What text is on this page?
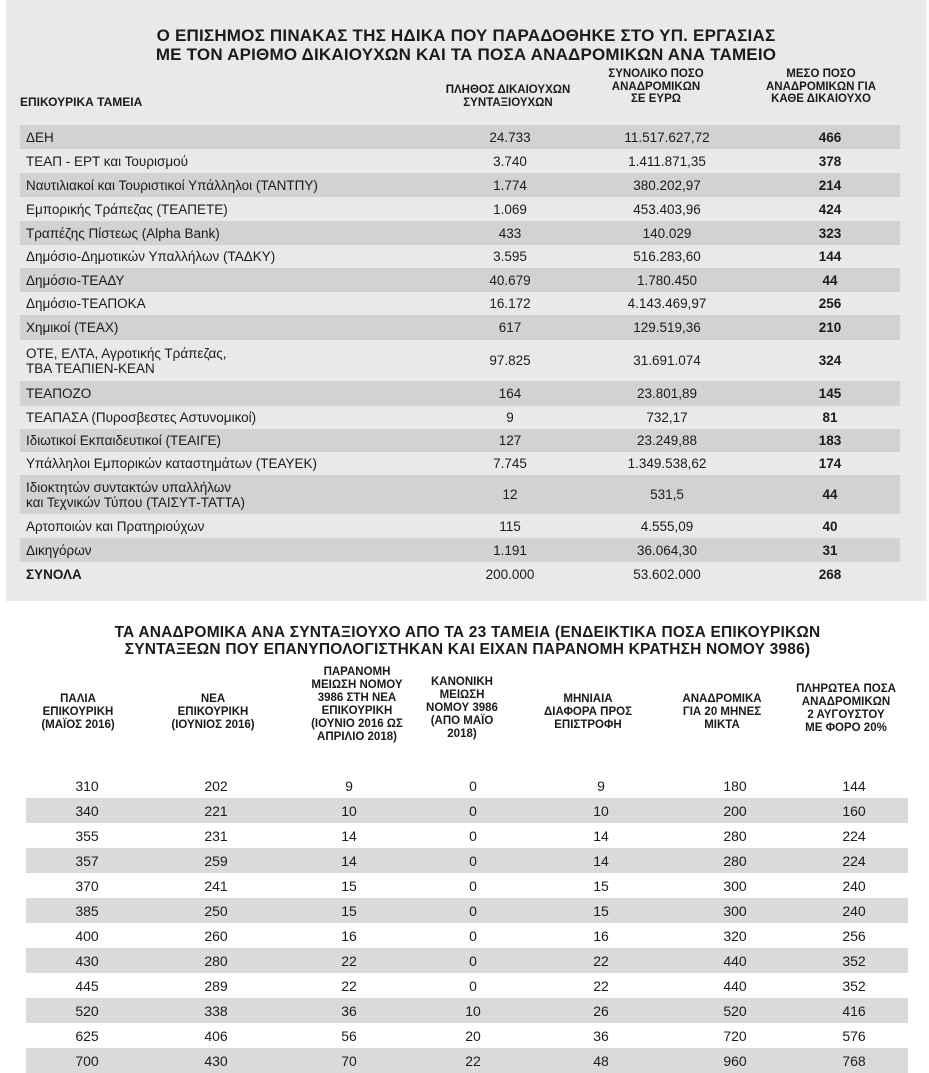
Ο ΕΠΙΣΗΜΟΣ ΠΙΝΑΚΑΣ ΤΗΣ ΗΔΙΚΑ ΠΟΥ ΠΑΡΑΔΟΘΗΚΕ ΣΤΟ ΥΠ. ΕΡΓΑΣΙΑΣ
ΜΕ ΤΟΝ ΑΡΙΘΜΟ ΔΙΚΑΙΟΥΧΩΝ ΚΑΙ ΤΑ ΠΟΣΑ ΑΝΑΔΡΟΜΙΚΩΝ ΑΝΑ ΤΑΜΕΙΟ
ΕΠΙΚΟΥΡΙΚΑ ΤΑΜΕΙΑ
ΠΛΗΘΟΣ ΔΙΚΑΙΟΥΧΩΝ
ΣΥΝΤΑΞΙΟΥΧΩΝ
ΣΥΝΟΛΙΚΟ ΠΟΣΟ
ΑΝΑΔΡΟΜΙΚΩΝ
ΣΕ ΕΥΡΩ
ΜΕΣΟ ΠΟΣΟ
ΑΝΑΔΡΟΜΙΚΩΝ ΓΙΑ
ΚΑΘΕ ΔΙΚΑΙΟΥΧΟ
ΔΕΗ	24.733	11.517.627,72	466
ΤΕΑΠ - ΕΡΤ και Τουρισμού	3.740	1.411.871,35	378
Ναυτιλιακοί και Τουριστικοί Υπάλληλοι (ΤΑΝΤΠΥ)	1.774	380.202,97	214
Εμπορικής Τράπεζας (ΤΕΑΠΕΤΕ)	1.069	453.403,96	424
Τραπέζης Πίστεως (Alpha Bank)	433	140.029	323
Δημόσιο-Δημοτικών Υπαλλήλων (ΤΑΔΚΥ)	3.595	516.283,60	144
Δημόσιο-ΤΕΑΔΥ	40.679	1.780.450	44
Δημόσιο-ΤΕΑΠΟΚΑ	16.172	4.143.469,97	256
Χημικοί (ΤΕΑΧ)	617	129.519,36	210
ΟΤΕ, ΕΛΤΑ, Αγροτικής Τράπεζας,
ΤΒΑ ΤΕΑΠΙΕΝ-ΚΕΑΝ	97.825	31.691.074	324
ΤΕΑΠΟΖΟ	164	23.801,89	145
ΤΕΑΠΑΣΑ (Πυροσβεστες Αστυνομικοί)	9	732,17	81
Ιδιωτικοί Εκπαιδευτικοί (ΤΕΑΙΓΕ)	127	23.249,88	183
Υπάλληλοι Εμπορικών καταστημάτων (ΤΕΑΥΕΚ)	7.745	1.349.538,62	174
Ιδιοκτητών συντακτών υπαλλήλων
και Τεχνικών Τύπου (ΤΑΙΣΥΤ-ΤΑΤΤΑ)	12	531,5	44
Αρτοποιών και Πρατηριούχων	115	4.555,09	40
Δικηγόρων	1.191	36.064,30	31
ΣΥΝΟΛΑ	200.000	53.602.000	268
ΤΑ ΑΝΑΔΡΟΜΙΚΑ ΑΝΑ ΣΥΝΤΑΞΙΟΥΧΟ ΑΠΟ ΤΑ 23 ΤΑΜΕΙΑ (ΕΝΔΕΙΚΤΙΚΑ ΠΟΣΑ ΕΠΙΚΟΥΡΙΚΩΝ
ΣΥΝΤΑΞΕΩΝ ΠΟΥ ΕΠΑΝΥΠΟΛΟΓΙΣΤΗΚΑΝ ΚΑΙ ΕΙΧΑΝ ΠΑΡΑΝΟΜΗ ΚΡΑΤΗΣΗ ΝΟΜΟΥ 3986)
ΠΑΛΙΑ
ΕΠΙΚΟΥΡΙΚΗ
(ΜΑΪΟΣ 2016)
ΝΕΑ
ΕΠΙΚΟΥΡΙΚΗ
(ΙΟΥΝΙΟΣ 2016)
ΠΑΡΑΝΟΜΗ
ΜΕΙΩΣΗ ΝΟΜΟΥ
3986 ΣΤΗ ΝΕΑ
ΕΠΙΚΟΥΡΙΚΗ
(ΙΟΥΝΙΟ 2016 ΩΣ
ΑΠΡΙΛΙΟ 2018)
ΚΑΝΟΝΙΚΗ
ΜΕΙΩΣΗ
ΝΟΜΟΥ 3986
(ΑΠΟ ΜΑΪΟ
2018)
ΜΗΝΙΑΙΑ
ΔΙΑΦΟΡΑ ΠΡΟΣ
ΕΠΙΣΤΡΟΦΗ
ΑΝΑΔΡΟΜΙΚΑ
ΓΙΑ 20 ΜΗΝΕΣ
ΜΙΚΤΑ
ΠΛΗΡΩΤΕΑ ΠΟΣΑ
ΑΝΑΔΡΟΜΙΚΩΝ
2 ΑΥΓΟΥΣΤΟΥ
ΜΕ ΦΟΡΟ 20%
310	202	9	0	9	180	144
340	221	10	0	10	200	160
355	231	14	0	14	280	224
357	259	14	0	14	280	224
370	241	15	0	15	300	240
385	250	15	0	15	300	240
400	260	16	0	16	320	256
430	280	22	0	22	440	352
445	289	22	0	22	440	352
520	338	36	10	26	520	416
625	406	56	20	36	720	576
700	430	70	22	48	960	768
